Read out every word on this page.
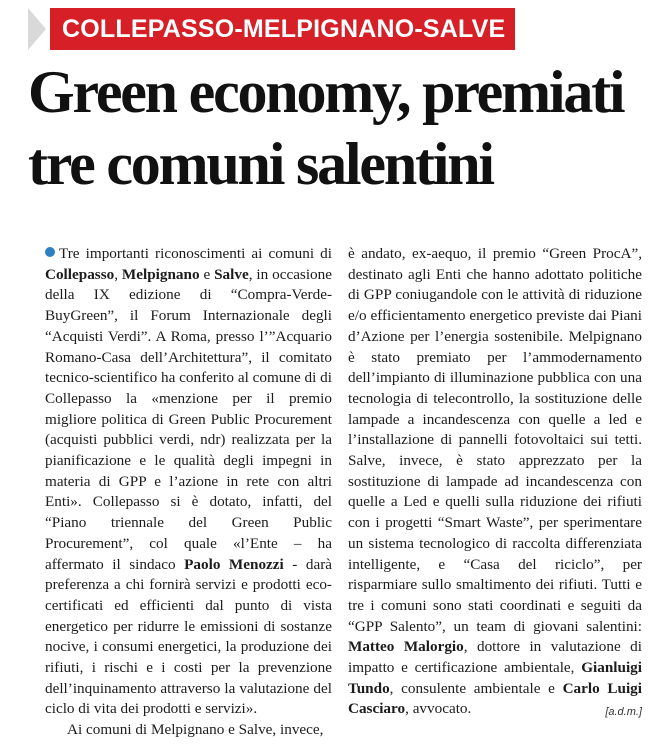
COLLEPASSO-MELPIGNANO-SALVE
Green economy, premiati
tre comuni salentini

Tre importanti riconoscimenti ai comuni di Collepasso, Melpignano e Salve, in occasione della IX edizione di “Compra-Verde-BuyGreen”, il Forum Internazionale degli “Acquisti Verdi”. A Roma, presso l’”Acquario Romano-Casa dell’Architettura”, il comitato tecnico-scientifico ha conferito al comune di di Collepasso la «menzione per il premio migliore politica di Green Public Procurement (acquisti pubblici verdi, ndr) realizzata per la pianificazione e le qualità degli impegni in materia di GPP e l’azione in rete con altri Enti». Collepasso si è dotato, infatti, del “Piano triennale del Green Public Procurement”, col quale «l’Ente – ha affermato il sindaco Paolo Menozzi - darà preferenza a chi fornirà servizi e prodotti eco-certificati ed efficienti dal punto di vista energetico per ridurre le emissioni di sostanze nocive, i consumi energetici, la produzione dei rifiuti, i rischi e i costi per la prevenzione dell’inquinamento attraverso la valutazione del ciclo di vita dei prodotti e servizi».

Ai comuni di Melpignano e Salve, invece,

è andato, ex-aequo, il premio “Green ProcA”, destinato agli Enti che hanno adottato politiche di GPP coniugandole con le attività di riduzione e/o efficientamento energetico previste dai Piani d’Azione per l’energia sostenibile. Melpignano è stato premiato per l’ammodernamento dell’impianto di illuminazione pubblica con una tecnologia di telecontrollo, la sostituzione delle lampade a incandescenza con quelle a led e l’installazione di pannelli fotovoltaici sui tetti. Salve, invece, è stato apprezzato per la sostituzione di lampade ad incandescenza con quelle a Led e quelli sulla riduzione dei rifiuti con i progetti “Smart Waste”, per sperimentare un sistema tecnologico di raccolta differenziata intelligente, e “Casa del riciclo”, per risparmiare sullo smaltimento dei rifiuti. Tutti e tre i comuni sono stati coordinati e seguiti da “GPP Salento”, un team di giovani salentini: Matteo Malorgio, dottore in valutazione di impatto e certificazione ambientale, Gianluigi Tundo, consulente ambientale e Carlo Luigi Casciaro, avvocato.	[a.d.m.]
